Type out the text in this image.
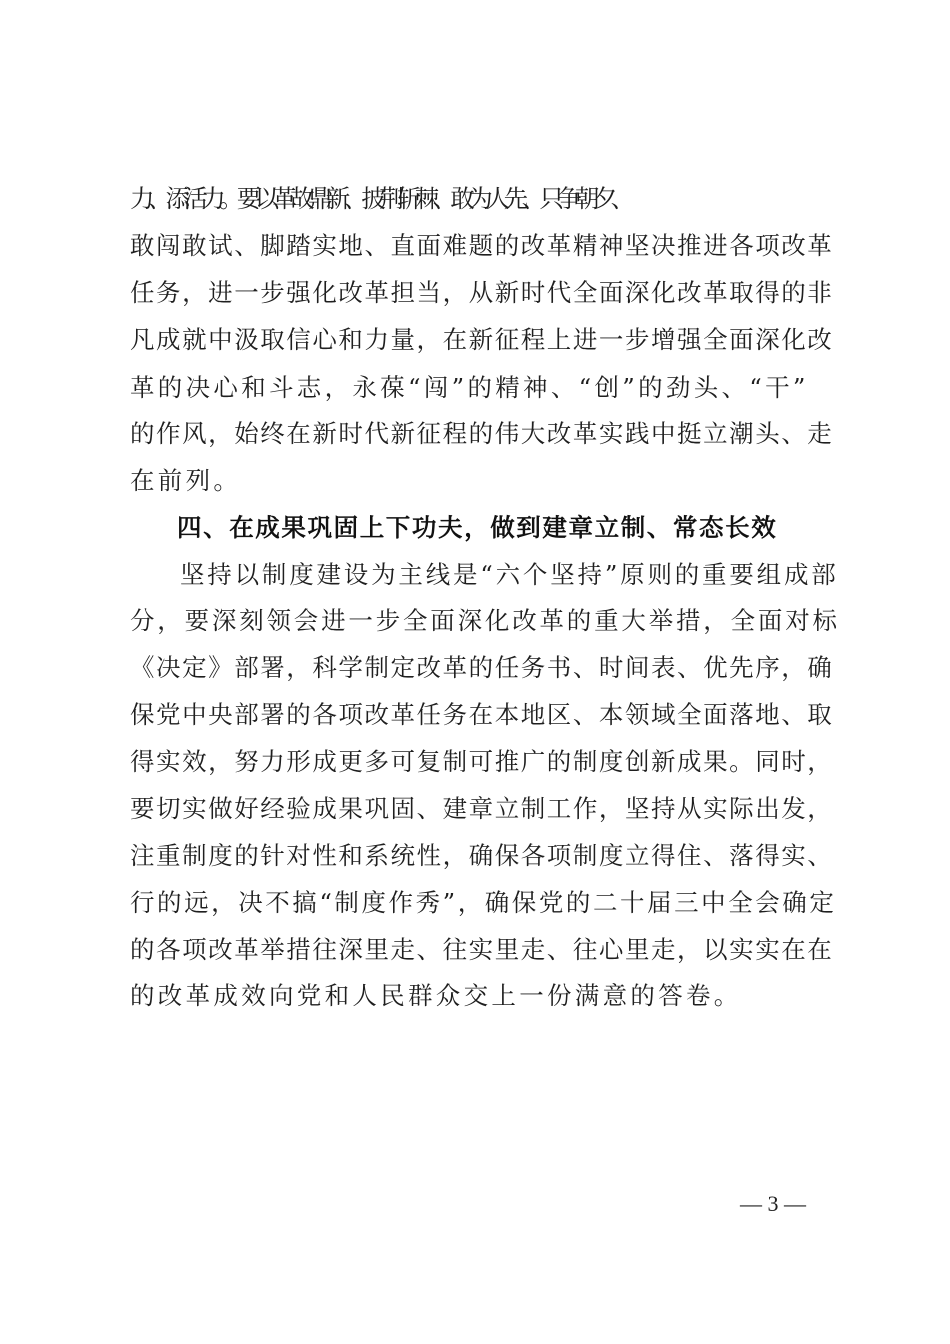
力、添活力。要以革故鼎新、披荆斩棘、敢为人先、只争朝夕、
敢闯敢试、脚踏实地、直面难题的改革精神坚决推进各项改革
任务，进一步强化改革担当，从新时代全面深化改革取得的非
凡成就中汲取信心和力量，在新征程上进一步增强全面深化改
革的决心和斗志，永葆“闯”的精神、“创”的劲头、“干”
的作风，始终在新时代新征程的伟大改革实践中挺立潮头、走
在前列。
四、在成果巩固上下功夫，做到建章立制、常态长效
坚持以制度建设为主线是“六个坚持”原则的重要组成部
分，要深刻领会进一步全面深化改革的重大举措，全面对标
《决定》部署，科学制定改革的任务书、时间表、优先序，确
保党中央部署的各项改革任务在本地区、本领域全面落地、取
得实效，努力形成更多可复制可推广的制度创新成果。同时，
要切实做好经验成果巩固、建章立制工作，坚持从实际出发，
注重制度的针对性和系统性，确保各项制度立得住、落得实、
行的远，决不搞“制度作秀”，确保党的二十届三中全会确定
的各项改革举措往深里走、往实里走、往心里走，以实实在在
的改革成效向党和人民群众交上一份满意的答卷。
— 3 —
